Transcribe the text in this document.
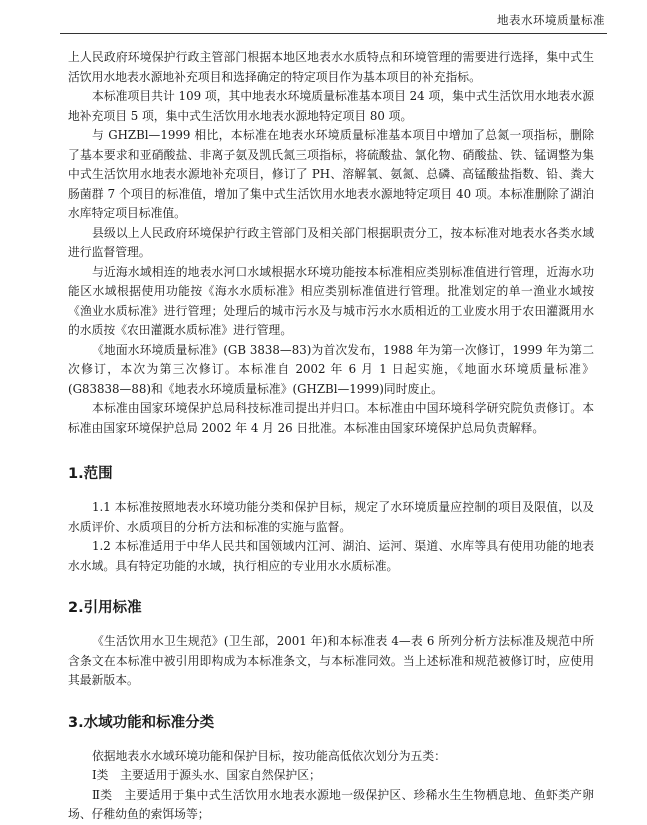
地表水环境质量标准

上人民政府环境保护行政主管部门根据本地区地表水水质特点和环境管理的需要进行选择，集中式生活饮用水地表水源地补充项目和选择确定的特定项目作为基本项目的补充指标。

本标准项目共计 109 项，其中地表水环境质量标准基本项目 24 项，集中式生活饮用水地表水源地补充项目 5 项，集中式生活饮用水地表水源地特定项目 80 项。

与 GHZBl—1999 相比，本标准在地表水环境质量标准基本项目中增加了总氮一项指标，删除了基本要求和亚硝酸盐、非离子氨及凯氏氮三项指标，将硫酸盐、氯化物、硝酸盐、铁、锰调整为集中式生活饮用水地表水源地补充项目，修订了 PH、溶解氧、氨氮、总磷、高锰酸盐指数、铅、粪大肠菌群 7 个项目的标准值，增加了集中式生活饮用水地表水源地特定项目 40 项。本标准删除了湖泊水库特定项目标准值。

县级以上人民政府环境保护行政主管部门及相关部门根据职责分工，按本标准对地表水各类水域进行监督管理。

与近海水域相连的地表水河口水域根据水环境功能按本标准相应类别标准值进行管理，近海水功能区水域根据使用功能按《海水水质标准》相应类别标准值进行管理。批准划定的单一渔业水域按《渔业水质标准》进行管理；处理后的城市污水及与城市污水水质相近的工业废水用于农田灌溉用水的水质按《农田灌溉水质标准》进行管理。

《地面水环境质量标准》(GB 3838—83)为首次发布，1988 年为第一次修订，1999 年为第二次修订，本次为第三次修订。本标准自 2002 年 6 月 1 日起实施，《地面水环境质量标准》(G83838—88)和《地表水环境质量标准》(GHZBl—1999)同时废止。

本标准由国家环境保护总局科技标准司提出并归口。本标准由中国环境科学研究院负责修订。本标准由国家环境保护总局 2002 年 4 月 26 日批准。本标准由国家环境保护总局负责解释。

1.范围

1.1 本标准按照地表水环境功能分类和保护目标，规定了水环境质量应控制的项目及限值，以及水质评价、水质项目的分析方法和标准的实施与监督。

1.2 本标准适用于中华人民共和国领域内江河、湖泊、运河、渠道、水库等具有使用功能的地表水水域。具有特定功能的水域，执行相应的专业用水水质标准。

2.引用标准

《生活饮用水卫生规范》(卫生部，2001 年)和本标准表 4—表 6 所列分析方法标准及规范中所含条文在本标准中被引用即构成为本标准条文，与本标准同效。当上述标准和规范被修订时，应使用其最新版本。

3.水域功能和标准分类

依据地表水水域环境功能和保护目标，按功能高低依次划分为五类：

Ⅰ类　主要适用于源头水、国家自然保护区；

Ⅱ类　主要适用于集中式生活饮用水地表水源地一级保护区、珍稀水生生物栖息地、鱼虾类产卵场、仔稚幼鱼的索饵场等；
